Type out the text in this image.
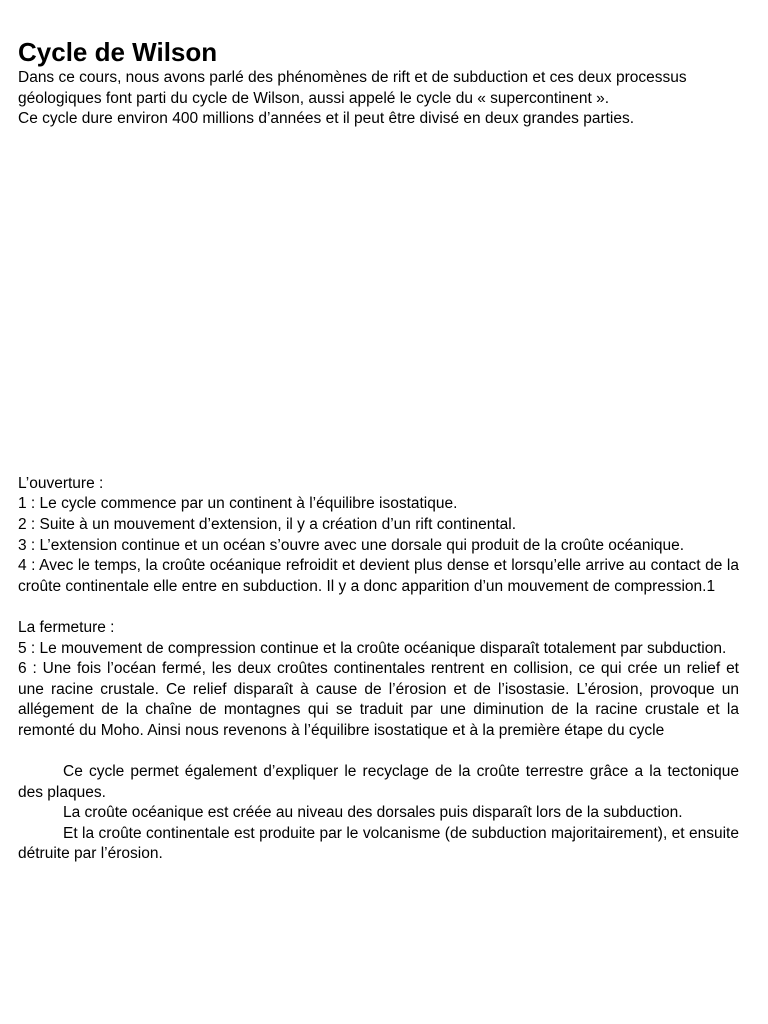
Cycle de Wilson

Dans ce cours, nous avons parlé des phénomènes de rift et de subduction et ces deux processus géologiques font parti du cycle de Wilson, aussi appelé le cycle du « supercontinent ».

Ce cycle dure environ 400 millions d’années et il peut être divisé en deux grandes parties.

L’ouverture :

1 : Le cycle commence par un continent à l’équilibre isostatique.

2 : Suite à un mouvement d’extension, il y a création d’un rift continental.

3 : L’extension continue et un océan s’ouvre avec une dorsale qui produit de la croûte océanique.

4 : Avec le temps, la croûte océanique refroidit et devient plus dense et lorsqu’elle arrive au contact de la croûte continentale elle entre en subduction. Il y a donc apparition d’un mouvement de compression.1

La fermeture :

5 : Le mouvement de compression continue et la croûte océanique disparaît totalement par subduction.

6 : Une fois l’océan fermé, les deux croûtes continentales rentrent en collision, ce qui crée un relief et une racine crustale. Ce relief disparaît à cause de l’érosion et de l’isostasie. L’érosion, provoque un allégement de la chaîne de montagnes qui se traduit par une diminution de la racine crustale et la remonté du Moho. Ainsi nous revenons à l’équilibre isostatique et à la première étape du cycle

Ce cycle permet également d’expliquer le recyclage de la croûte terrestre grâce a la tectonique des plaques.

La croûte océanique est créée au niveau des dorsales puis disparaît lors de la subduction.

Et la croûte continentale est produite par le volcanisme (de subduction majoritairement), et ensuite détruite par l’érosion.
